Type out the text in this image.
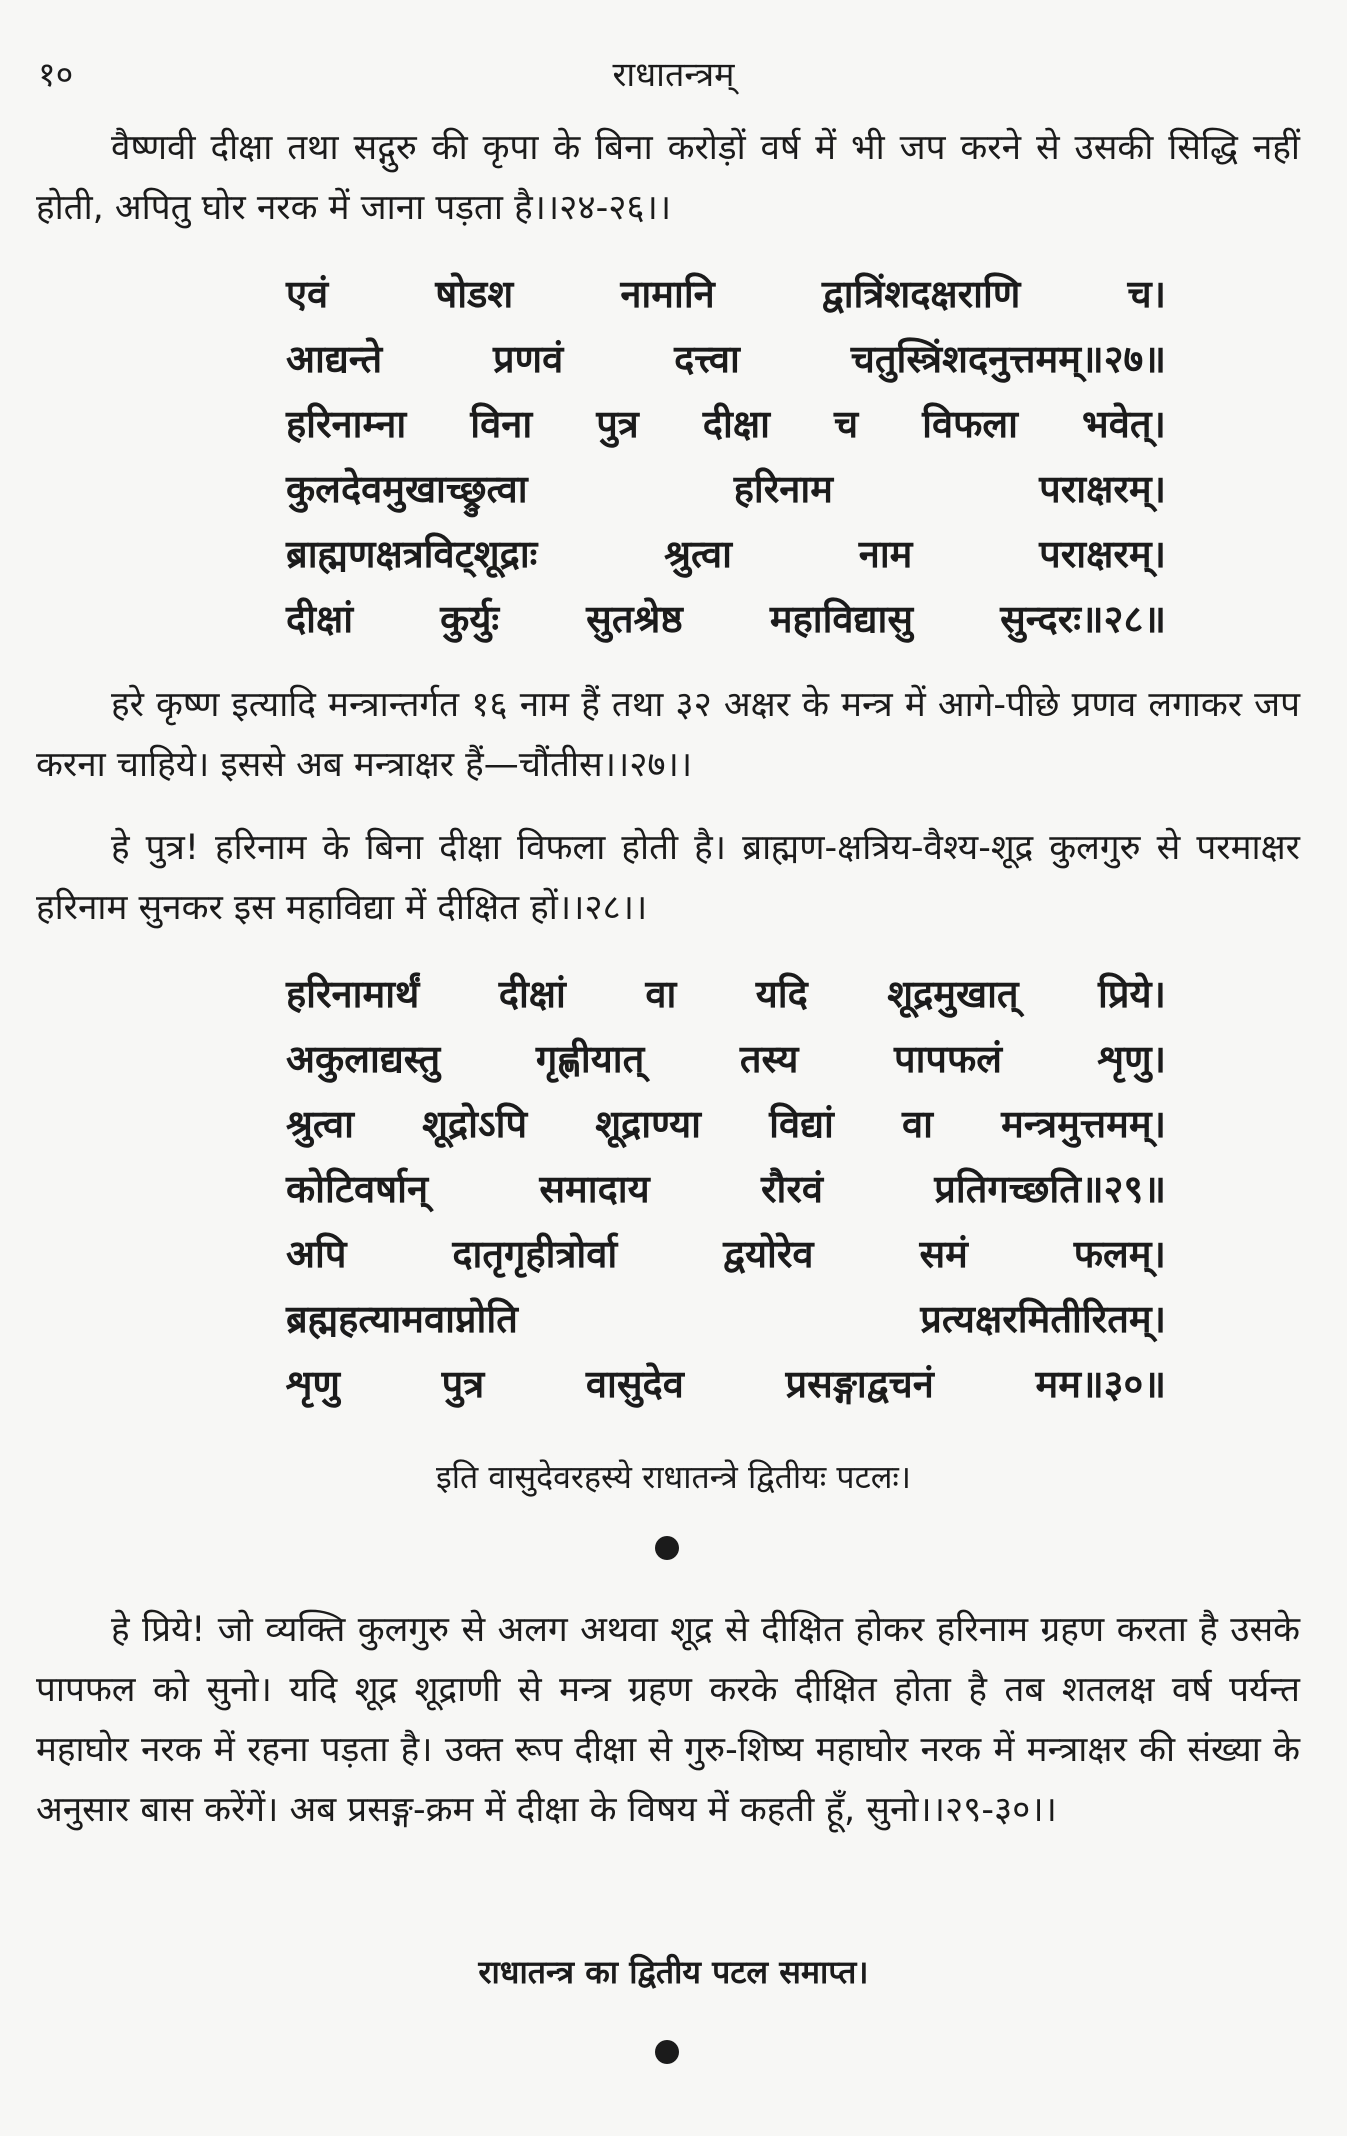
१०	राधातन्त्रम्

वैष्णवी दीक्षा तथा सद्गुरु की कृपा के बिना करोड़ों वर्ष में भी जप करने से उसकी सिद्धि नहीं होती, अपितु घोर नरक में जाना पड़ता है।।२४-२६।।

एवं	षोडश	नामानि	द्वात्रिंशदक्षराणि	च।
आद्यन्ते	प्रणवं	दत्त्वा	चतुस्त्रिंशदनुत्तमम्॥२७॥
हरिनाम्ना विना पुत्र दीक्षा च विफला भवेत्।
कुलदेवमुखाच्छ्रुत्वा	हरिनाम	पराक्षरम्।
ब्राह्मणक्षत्रविट्शूद्राः	श्रुत्वा	नाम	पराक्षरम्।
दीक्षां कुर्युः सुतश्रेष्ठ महाविद्यासु सुन्दरः॥२८॥

हरे कृष्ण इत्यादि मन्त्रान्तर्गत १६ नाम हैं तथा ३२ अक्षर के मन्त्र में आगे-पीछे प्रणव लगाकर जप करना चाहिये। इससे अब मन्त्राक्षर हैं—चौंतीस।।२७।।

हे पुत्र! हरिनाम के बिना दीक्षा विफला होती है। ब्राह्मण-क्षत्रिय-वैश्य-शूद्र कुलगुरु से परमाक्षर हरिनाम सुनकर इस महाविद्या में दीक्षित हों।।२८।।

हरिनामार्थं दीक्षां वा यदि शूद्रमुखात् प्रिये।
अकुलाद्यस्तु	गृह्णीयात्	तस्य	पापफलं	शृणु।
श्रुत्वा शूद्रोऽपि शूद्राण्या विद्यां वा मन्त्रमुत्तमम्।
कोटिवर्षान्	समादाय	रौरवं	प्रतिगच्छति॥२९॥
अपि	दातृगृहीत्रोर्वा	द्वयोरेव	समं	फलम्।
ब्रह्महत्यामवाप्नोति	प्रत्यक्षरमितीरितम्।
शृणु	पुत्र	वासुदेव	प्रसङ्गाद्वचनं	मम॥३०॥
इति वासुदेवरहस्ये राधातन्त्रे द्वितीयः पटलः।

हे प्रिये! जो व्यक्ति कुलगुरु से अलग अथवा शूद्र से दीक्षित होकर हरिनाम ग्रहण करता है उसके पापफल को सुनो। यदि शूद्र शूद्राणी से मन्त्र ग्रहण करके दीक्षित होता है तब शतलक्ष वर्ष पर्यन्त महाघोर नरक में रहना पड़ता है। उक्त रूप दीक्षा से गुरु-शिष्य महाघोर नरक में मन्त्राक्षर की संख्या के अनुसार बास करेंगें। अब प्रसङ्ग-क्रम में दीक्षा के विषय में कहती हूँ, सुनो।।२९-३०।।

राधातन्त्र का द्वितीय पटल समाप्त।
